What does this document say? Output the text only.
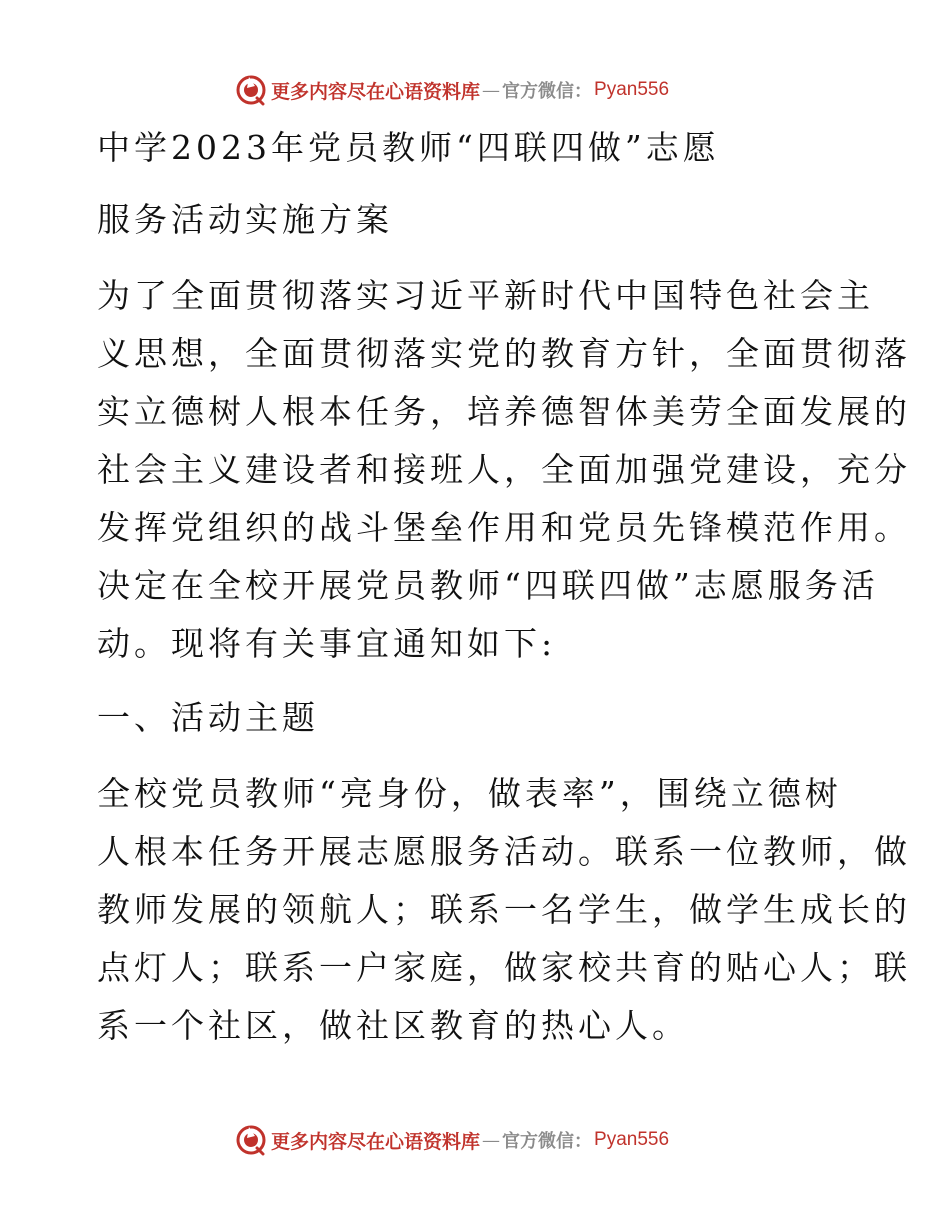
更多内容尽在心语资料库 — 官方微信： Pyan556
中学2023年党员教师“四联四做”志愿
服务活动实施方案
为了全面贯彻落实习近平新时代中国特色社会主
义思想，全面贯彻落实党的教育方针，全面贯彻落
实立德树人根本任务，培养德智体美劳全面发展的
社会主义建设者和接班人，全面加强党建设，充分
发挥党组织的战斗堡垒作用和党员先锋模范作用。
决定在全校开展党员教师“四联四做”志愿服务活
动。现将有关事宜通知如下:
一、活动主题
全校党员教师“亮身份，做表率”，围绕立德树
人根本任务开展志愿服务活动。联系一位教师，做
教师发展的领航人；联系一名学生，做学生成长的
点灯人；联系一户家庭，做家校共育的贴心人；联
系一个社区，做社区教育的热心人。
更多内容尽在心语资料库 — 官方微信： Pyan556
